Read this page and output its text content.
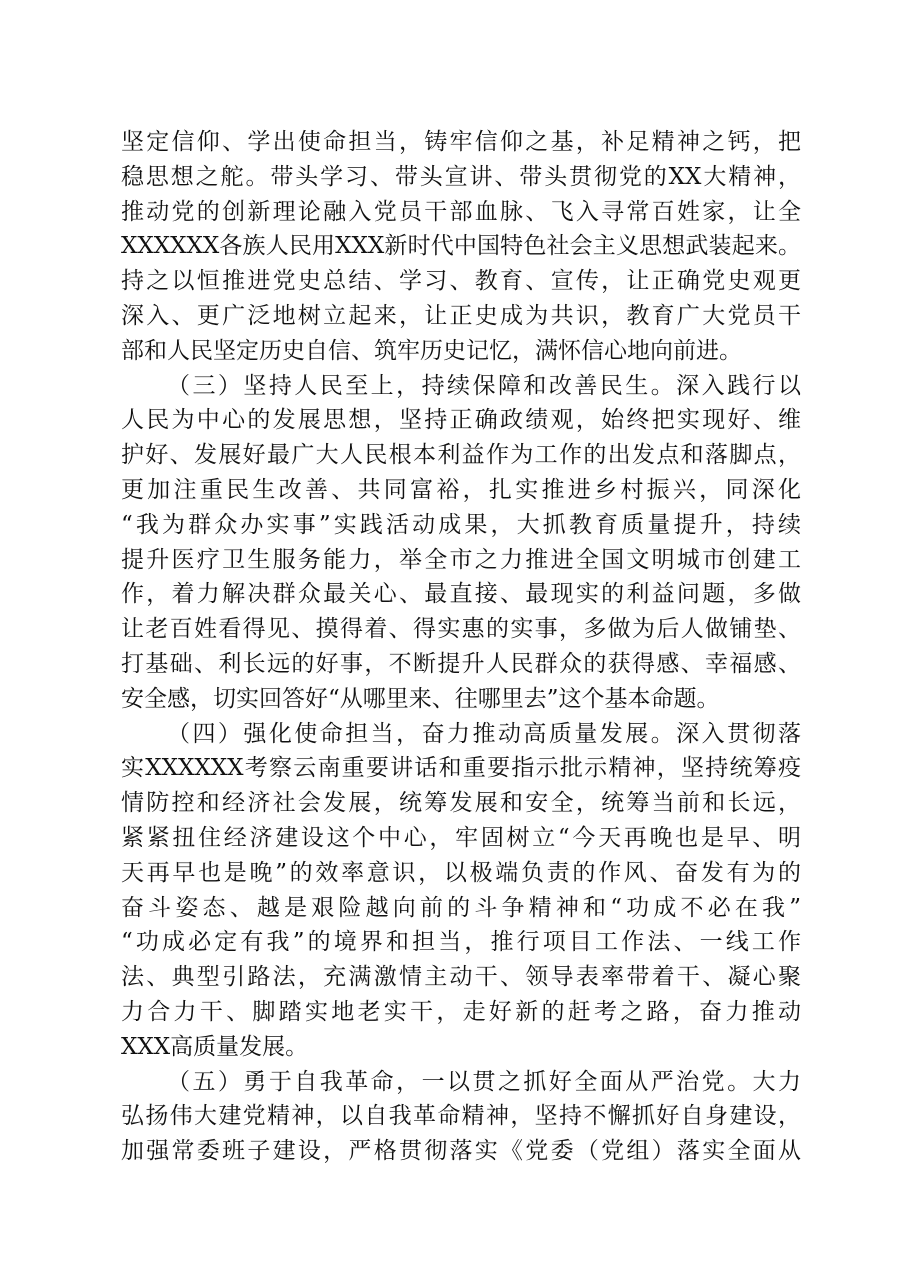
坚定信仰、学出使命担当，铸牢信仰之基，补足精神之钙，把
稳思想之舵。带头学习、带头宣讲、带头贯彻党的XX大精神，
推动党的创新理论融入党员干部血脉、飞入寻常百姓家，让全
XXXXXX各族人民用XXX新时代中国特色社会主义思想武装起来。
持之以恒推进党史总结、学习、教育、宣传，让正确党史观更
深入、更广泛地树立起来，让正史成为共识，教育广大党员干
部和人民坚定历史自信、筑牢历史记忆，满怀信心地向前进。
（三）坚持人民至上，持续保障和改善民生。深入践行以
人民为中心的发展思想，坚持正确政绩观，始终把实现好、维
护好、发展好最广大人民根本利益作为工作的出发点和落脚点，
更加注重民生改善、共同富裕，扎实推进乡村振兴，同深化
“我为群众办实事”实践活动成果，大抓教育质量提升，持续
提升医疗卫生服务能力，举全市之力推进全国文明城市创建工
作，着力解决群众最关心、最直接、最现实的利益问题，多做
让老百姓看得见、摸得着、得实惠的实事，多做为后人做铺垫、
打基础、利长远的好事，不断提升人民群众的获得感、幸福感、
安全感，切实回答好“从哪里来、往哪里去”这个基本命题。
（四）强化使命担当，奋力推动高质量发展。深入贯彻落
实XXXXXX考察云南重要讲话和重要指示批示精神，坚持统筹疫
情防控和经济社会发展，统筹发展和安全，统筹当前和长远，
紧紧扭住经济建设这个中心，牢固树立“今天再晚也是早、明
天再早也是晚”的效率意识，以极端负责的作风、奋发有为的
奋斗姿态、越是艰险越向前的斗争精神和“功成不必在我”
“功成必定有我”的境界和担当，推行项目工作法、一线工作
法、典型引路法，充满激情主动干、领导表率带着干、凝心聚
力合力干、脚踏实地老实干，走好新的赶考之路，奋力推动
XXX高质量发展。
（五）勇于自我革命，一以贯之抓好全面从严治党。大力
弘扬伟大建党精神，以自我革命精神，坚持不懈抓好自身建设，
加强常委班子建设，严格贯彻落实《党委（党组）落实全面从
